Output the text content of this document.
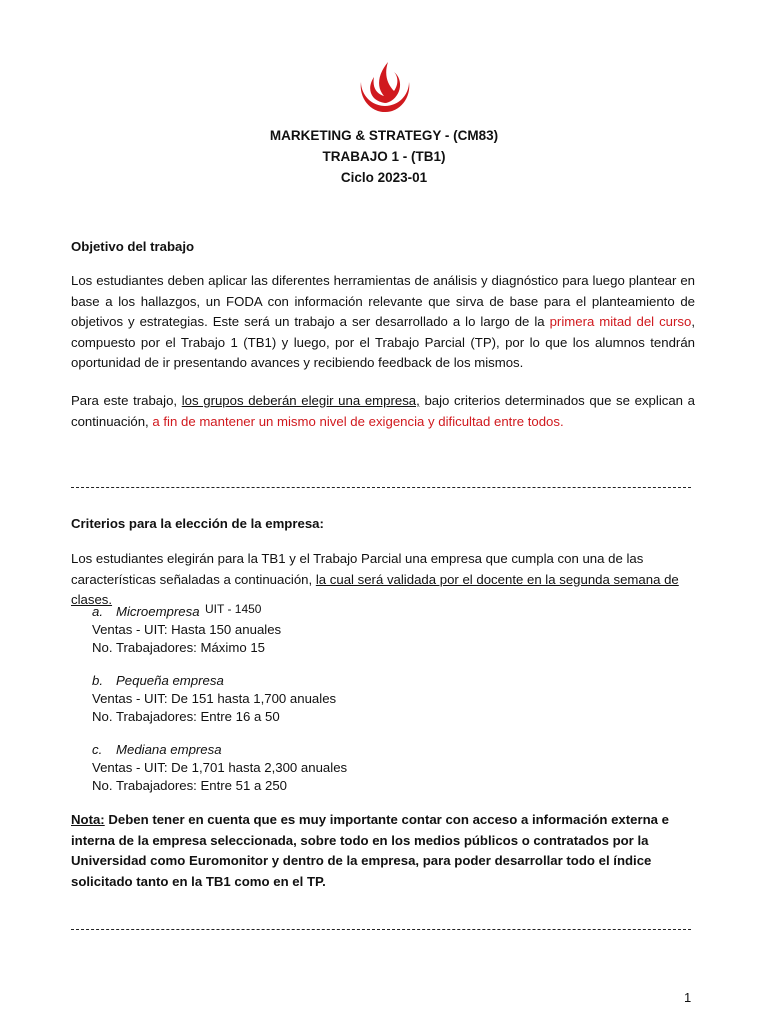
MARKETING & STRATEGY - (CM83)
TRABAJO 1 - (TB1)
Ciclo 2023-01
Objetivo del trabajo
Los estudiantes deben aplicar las diferentes herramientas de análisis y diagnóstico para luego plantear en base a los hallazgos, un FODA con información relevante que sirva de base para el planteamiento de objetivos y estrategias. Este será un trabajo a ser desarrollado a lo largo de la primera mitad del curso, compuesto por el Trabajo 1 (TB1) y luego, por el Trabajo Parcial (TP), por lo que los alumnos tendrán oportunidad de ir presentando avances y recibiendo feedback de los mismos.
Para este trabajo, los grupos deberán elegir una empresa, bajo criterios determinados que se explican a continuación, a fin de mantener un mismo nivel de exigencia y dificultad entre todos.
Criterios para la elección de la empresa:
Los estudiantes elegirán para la TB1 y el Trabajo Parcial una empresa que cumpla con una de las características señaladas a continuación, la cual será validada por el docente en la segunda semana de clases.
a. Microempresa UIT - 1450
Ventas - UIT: Hasta 150 anuales
No. Trabajadores: Máximo 15
b. Pequeña empresa
Ventas - UIT: De 151 hasta 1,700 anuales
No. Trabajadores: Entre 16 a 50
c. Mediana empresa
Ventas - UIT: De 1,701 hasta 2,300 anuales
No. Trabajadores: Entre 51 a 250
Nota: Deben tener en cuenta que es muy importante contar con acceso a información externa e interna de la empresa seleccionada, sobre todo en los medios públicos o contratados por la Universidad como Euromonitor y dentro de la empresa, para poder desarrollar todo el índice solicitado tanto en la TB1 como en el TP.
1
